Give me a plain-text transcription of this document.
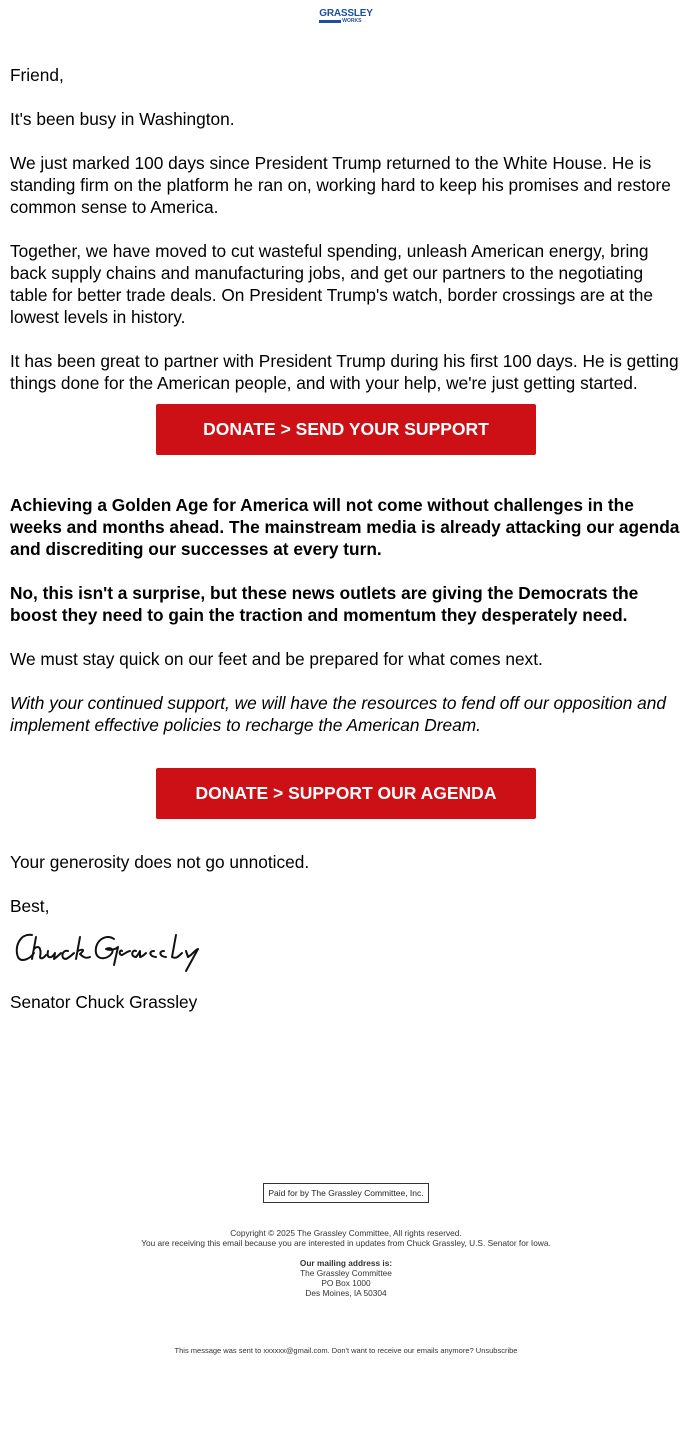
GRASSLEY
WORKS

Friend,

It's been busy in Washington.

We just marked 100 days since President Trump returned to the White House. He is standing firm on the platform he ran on, working hard to keep his promises and restore common sense to America.

Together, we have moved to cut wasteful spending, unleash American energy, bring back supply chains and manufacturing jobs, and get our partners to the negotiating table for better trade deals. On President Trump's watch, border crossings are at the lowest levels in history.

It has been great to partner with President Trump during his first 100 days. He is getting things done for the American people, and with your help, we're just getting started.

DONATE > SEND YOUR SUPPORT

Achieving a Golden Age for America will not come without challenges in the weeks and months ahead. The mainstream media is already attacking our agenda and discrediting our successes at every turn.

No, this isn't a surprise, but these news outlets are giving the Democrats the boost they need to gain the traction and momentum they desperately need.

We must stay quick on our feet and be prepared for what comes next.

With your continued support, we will have the resources to fend off our opposition and implement effective policies to recharge the American Dream.

DONATE > SUPPORT OUR AGENDA

Your generosity does not go unnoticed.

Best,

Senator Chuck Grassley

Paid for by The Grassley Committee, Inc.
Copyright © 2025 The Grassley Committee, All rights reserved.
You are receiving this email because you are interested in updates from Chuck Grassley, U.S. Senator for Iowa.
Our mailing address is:
The Grassley Committee
PO Box 1000
Des Moines, IA 50304
This message was sent to xxxxxx@gmail.com. Don't want to receive our emails anymore? Unsubscribe
